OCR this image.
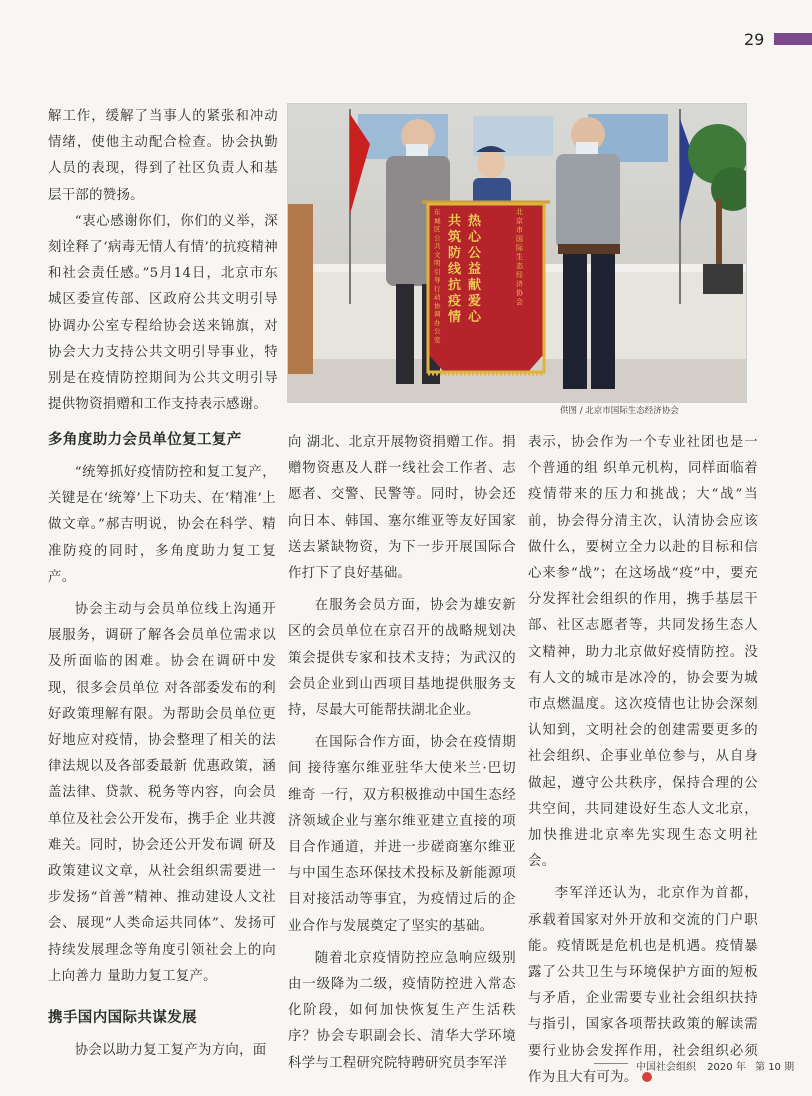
29

解工作，缓解了当事人的紧张和冲动情绪，使他主动配合检查。协会执勤人员的表现，得到了社区负责人和基层干部的赞扬。

“衷心感谢你们，你们的义举，深刻诠释了‘病毒无情人有情’的抗疫精神和社会责任感。”5月14日，北京市东城区委宣传部、区政府公共文明引导协调办公室专程给协会送来锦旗，对协会大力支持公共文明引导事业，特别是在疫情防控期间为公共文明引导提供物资捐赠和工作支持表示感谢。

热心公益献爱心
共筑防线抗疫情
北京市国际生态经济协会
东城区公共文明引导行动协调办公室
供图 / 北京市国际生态经济协会
多角度助力会员单位复工复产

“统筹抓好疫情防控和复工复产，关键是在‘统筹’上下功夫、在‘精准’上做文章。”郝吉明说，协会在科学、精准防疫的同时，多角度助力复工复产。

协会主动与会员单位线上沟通开展服务，调研了解各会员单位需求以及所面临的困难。协会在调研中发现，很多会员单位 对各部委发布的利好政策理解有限。为帮助会员单位更好地应对疫情，协会整理了相关的法律法规以及各部委最新 优惠政策，涵盖法律、贷款、税务等内容，向会员单位及社会公开发布，携手企 业共渡难关。同时，协会还公开发布调 研及政策建议文章，从社会组织需要进一步发扬“首善”精神、推动建设人文社会、展现“人类命运共同体”、发扬可持续发展理念等角度引领社会上的向上向善力 量助力复工复产。

携手国内国际共谋发展

协会以助力复工复产为方向，面

向 湖北、北京开展物资捐赠工作。捐赠物资惠及人群一线社会工作者、志愿者、交警、民警等。同时，协会还向日本、韩国、塞尔维亚等友好国家送去紧缺物资，为下一步开展国际合作打下了良好基础。

在服务会员方面，协会为雄安新区的会员单位在京召开的战略规划决策会提供专家和技术支持；为武汉的会员企业到山西项目基地提供服务支持，尽最大可能帮扶湖北企业。

在国际合作方面，协会在疫情期间 接待塞尔维亚驻华大使米兰·巴切维奇 一行，双方积极推动中国生态经济领域企业与塞尔维亚建立直接的项目合作通道，并进一步磋商塞尔维亚与中国生态环保技术投标及新能源项目对接活动等事宜，为疫情过后的企业合作与发展奠定了坚实的基础。

随着北京疫情防控应急响应级别由一级降为二级，疫情防控进入常态化阶段，如何加快恢复生产生活秩序？协会专职副会长、清华大学环境科学与工程研究院特聘研究员李军洋

表示，协会作为一个专业社团也是一个普通的组 织单元机构，同样面临着疫情带来的压力和挑战；大“战”当前，协会得分清主次，认清协会应该做什么，要树立全力以赴的目标和信心来参“战”；在这场战“疫”中，要充分发挥社会组织的作用，携手基层干部、社区志愿者等，共同发扬生态人文精神，助力北京做好疫情防控。没有人文的城市是冰冷的，协会要为城市点燃温度。这次疫情也让协会深刻认知到，文明社会的创建需要更多的社会组织、企事业单位参与，从自身做起，遵守公共秩序，保持合理的公共空间，共同建设好生态人文北京，加快推进北京率先实现生态文明社会。

李军洋还认为，北京作为首都，承载着国家对外开放和交流的门户职能。疫情既是危机也是机遇。疫情暴露了公共卫生与环境保护方面的短板与矛盾，企业需要专业社会组织扶持与指引，国家各项帮扶政策的解读需要行业协会发挥作用，社会组织必须作为且大有可为。

中国社会组织 2020 年 第 10 期
